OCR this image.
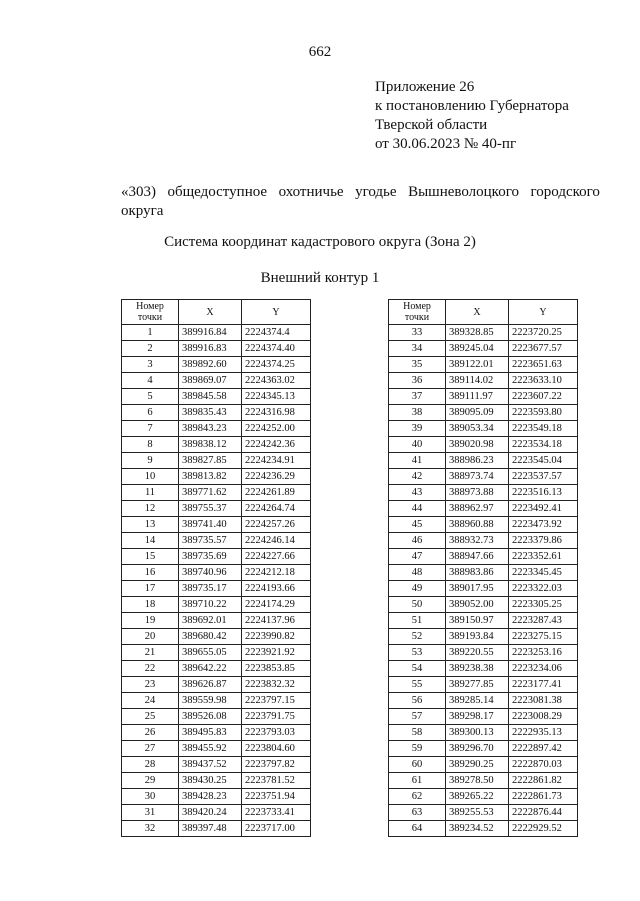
662
Приложение 26
к постановлению Губернатора
Тверской области
от 30.06.2023 № 40-пг
«303) общедоступное охотничье угодье Вышневолоцкого городского
округа
Система координат кадастрового округа (Зона 2)
Внешний контур 1
Номер
точки	X	Y
1	389916.84	2224374.4
2	389916.83	2224374.40
3	389892.60	2224374.25
4	389869.07	2224363.02
5	389845.58	2224345.13
6	389835.43	2224316.98
7	389843.23	2224252.00
8	389838.12	2224242.36
9	389827.85	2224234.91
10	389813.82	2224236.29
11	389771.62	2224261.89
12	389755.37	2224264.74
13	389741.40	2224257.26
14	389735.57	2224246.14
15	389735.69	2224227.66
16	389740.96	2224212.18
17	389735.17	2224193.66
18	389710.22	2224174.29
19	389692.01	2224137.96
20	389680.42	2223990.82
21	389655.05	2223921.92
22	389642.22	2223853.85
23	389626.87	2223832.32
24	389559.98	2223797.15
25	389526.08	2223791.75
26	389495.83	2223793.03
27	389455.92	2223804.60
28	389437.52	2223797.82
29	389430.25	2223781.52
30	389428.23	2223751.94
31	389420.24	2223733.41
32	389397.48	2223717.00
Номер
точки	X	Y
33	389328.85	2223720.25
34	389245.04	2223677.57
35	389122.01	2223651.63
36	389114.02	2223633.10
37	389111.97	2223607.22
38	389095.09	2223593.80
39	389053.34	2223549.18
40	389020.98	2223534.18
41	388986.23	2223545.04
42	388973.74	2223537.57
43	388973.88	2223516.13
44	388962.97	2223492.41
45	388960.88	2223473.92
46	388932.73	2223379.86
47	388947.66	2223352.61
48	388983.86	2223345.45
49	389017.95	2223322.03
50	389052.00	2223305.25
51	389150.97	2223287.43
52	389193.84	2223275.15
53	389220.55	2223253.16
54	389238.38	2223234.06
55	389277.85	2223177.41
56	389285.14	2223081.38
57	389298.17	2223008.29
58	389300.13	2222935.13
59	389296.70	2222897.42
60	389290.25	2222870.03
61	389278.50	2222861.82
62	389265.22	2222861.73
63	389255.53	2222876.44
64	389234.52	2222929.52
